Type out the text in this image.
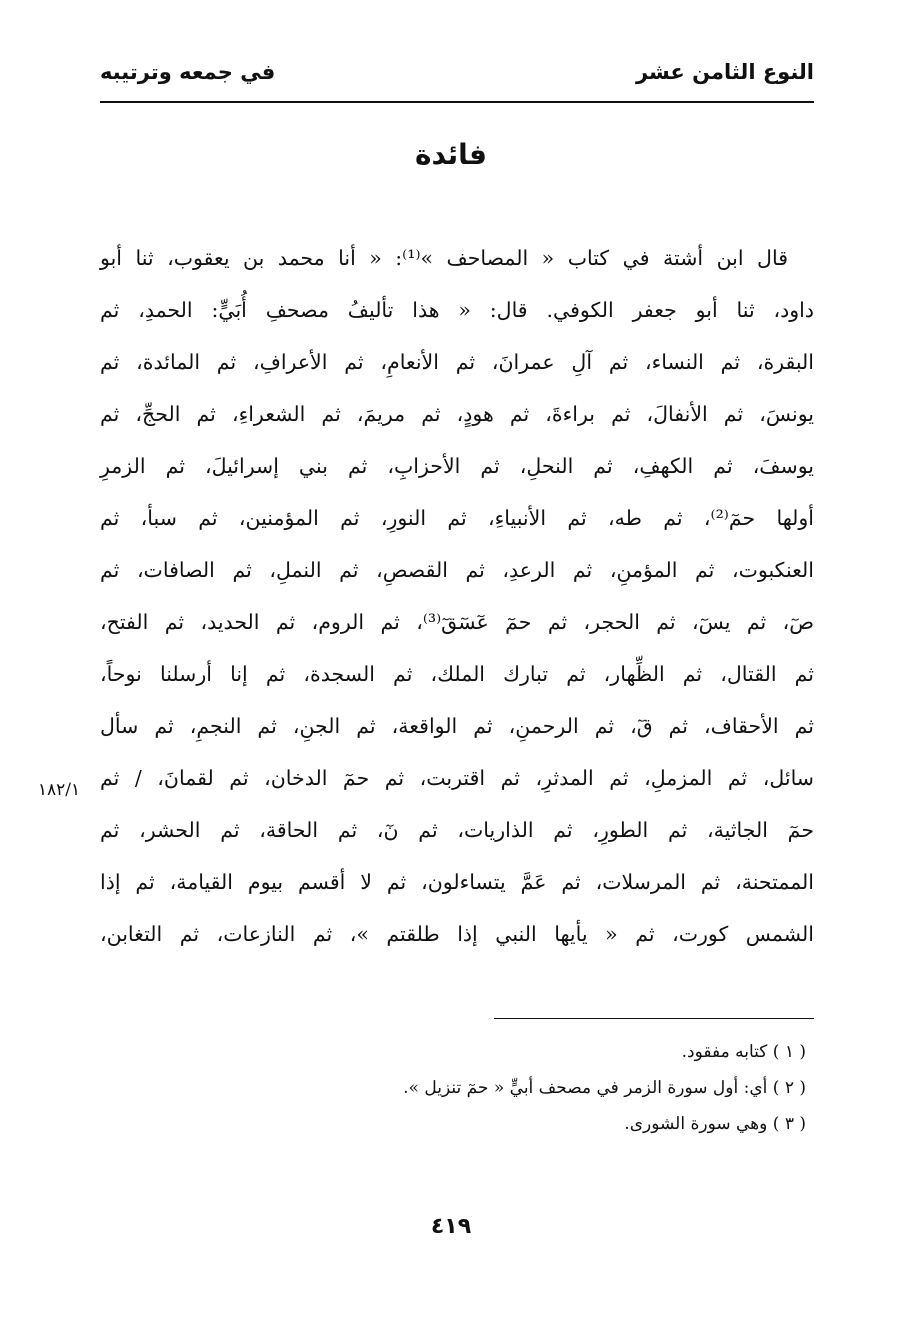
النوع الثامن عشر
في جمعه وترتيبه
فائدة
قال ابن أشتة في كتاب « المصاحف »⁽¹⁾: « أنا محمد بن يعقوب، ثنا أبو
داود، ثنا أبو جعفر الكوفي. قال: « هذا تأليفُ مصحفِ أُبَيٍّ: الحمدِ، ثم
البقرة، ثم النساء، ثم آلِ عمرانَ، ثم الأنعامِ، ثم الأعرافِ، ثم المائدة، ثم
يونسَ، ثم الأنفالَ، ثم براءةَ، ثم هودٍ، ثم مريمَ، ثم الشعراءِ، ثم الحجِّ، ثم
يوسفَ، ثم الكهفِ، ثم النحلِ، ثم الأحزابِ، ثم بني إسرائيلَ، ثم الزمرِ
أولها حمٓ⁽²⁾، ثم طه، ثم الأنبياءِ، ثم النورِ، ثم المؤمنين، ثم سبأ، ثم
العنكبوت، ثم المؤمنِ، ثم الرعدِ، ثم القصصِ، ثم النملِ، ثم الصافات، ثم
صٓ، ثم يسٓ، ثم الحجر، ثم حمٓ عٓسٓقٓ⁽³⁾، ثم الروم، ثم الحديد، ثم الفتح،
ثم القتال، ثم الظِّهار، ثم تبارك الملك، ثم السجدة، ثم إنا أرسلنا نوحاً،
ثم الأحقاف، ثم قٓ، ثم الرحمنِ، ثم الواقعة، ثم الجنِ، ثم النجمِ، ثم سأل
سائل، ثم المزملِ، ثم المدثرِ، ثم اقتربت، ثم حمٓ الدخان، ثم لقمانَ، / ثم
حمٓ الجاثية، ثم الطورِ، ثم الذاريات، ثم نٓ، ثم الحاقة، ثم الحشر، ثم
الممتحنة، ثم المرسلات، ثم عَمَّ يتساءلون، ثم لا أقسم بيوم القيامة، ثم إذا
الشمس كورت، ثم « يأيها النبي إذا طلقتم »، ثم النازعات، ثم التغابن،
١٨٢/١
( ١ ) كتابه مفقود.
( ٢ ) أي: أول سورة الزمر في مصحف أبيٍّ « حمٓ تنزيل ».
( ٣ ) وهي سورة الشورى.
٤١٩
